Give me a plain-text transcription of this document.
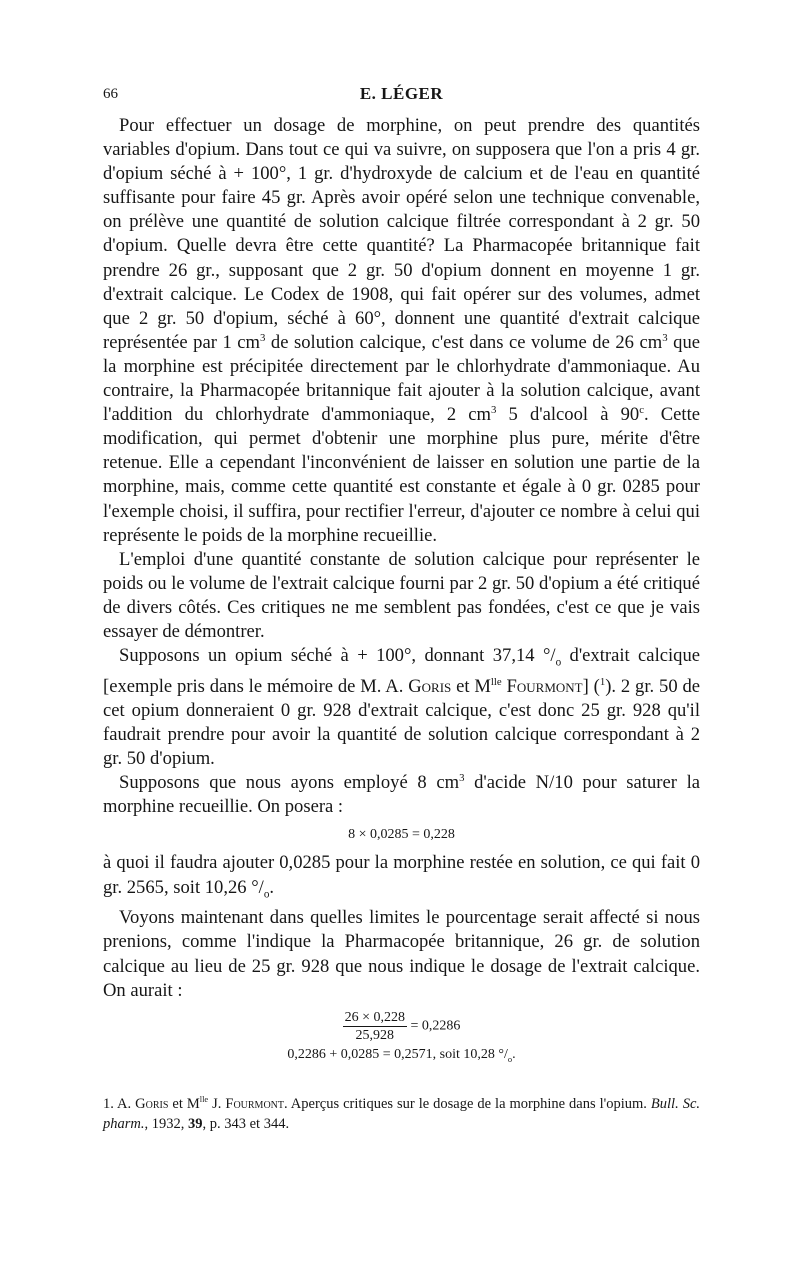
66	E. LÉGER

Pour effectuer un dosage de morphine, on peut prendre des quantités variables d'opium. Dans tout ce qui va suivre, on supposera que l'on a pris 4 gr. d'opium séché à + 100°, 1 gr. d'hydroxyde de calcium et de l'eau en quantité suffisante pour faire 45 gr. Après avoir opéré selon une technique convenable, on prélève une quantité de solution calcique filtrée correspondant à 2 gr. 50 d'opium. Quelle devra être cette quantité? La Pharmacopée britannique fait prendre 26 gr., supposant que 2 gr. 50 d'opium donnent en moyenne 1 gr. d'extrait calcique. Le Codex de 1908, qui fait opérer sur des volumes, admet que 2 gr. 50 d'opium, séché à 60°, donnent une quantité d'extrait calcique représentée par 1 $cm^3$ de solution calcique, c'est dans ce volume de 26 $cm^3$ que la morphine est précipitée directement par le chlorhydrate d'ammoniaque. Au contraire, la Pharmacopée britannique fait ajouter à la solution calcique, avant l'addition du chlorhydrate d'ammoniaque, 2 $cm^3$ 5 d'alcool à 90$^c$. Cette modification, qui permet d'obtenir une morphine plus pure, mérite d'être retenue. Elle a cependant l'inconvénient de laisser en solution une partie de la morphine, mais, comme cette quantité est constante et égale à 0 gr. 0285 pour l'exemple choisi, il suffira, pour rectifier l'erreur, d'ajouter ce nombre à celui qui représente le poids de la morphine recueillie.

L'emploi d'une quantité constante de solution calcique pour représenter le poids ou le volume de l'extrait calcique fourni par 2 gr. 50 d'opium a été critiqué de divers côtés. Ces critiques ne me semblent pas fondées, c'est ce que je vais essayer de démontrer.

Supposons un opium séché à + 100°, donnant 37,14 $^\circ/_o$ d'extrait calcique [exemple pris dans le mémoire de M. A. Goris et $M^{lle}$ Fourmont] ($^1$). 2 gr. 50 de cet opium donneraient 0 gr. 928 d'extrait calcique, c'est donc 25 gr. 928 qu'il faudrait prendre pour avoir la quantité de solution calcique correspondant à 2 gr. 50 d'opium.

Supposons que nous ayons employé 8 $cm^3$ d'acide N/10 pour saturer la morphine recueillie. On posera :

8 × 0,0285 = 0,228

à quoi il faudra ajouter 0,0285 pour la morphine restée en solution, ce qui fait 0 gr. 2565, soit 10,26 $^\circ/_o$.

Voyons maintenant dans quelles limites le pourcentage serait affecté si nous prenions, comme l'indique la Pharmacopée britannique, 26 gr. de solution calcique au lieu de 25 gr. 928 que nous indique le dosage de l'extrait calcique. On aurait :

$\frac{26 \times 0,228}{25,928} = 0,2286$
0,2286 + 0,0285 = 0,2571, soit 10,28 $^\circ/_o$.
1. A. Goris et $M^{lle}$ J. Fourmont. Aperçus critiques sur le dosage de la morphine dans l'opium. Bull. Sc. pharm., 1932, 39, p. 343 et 344.
